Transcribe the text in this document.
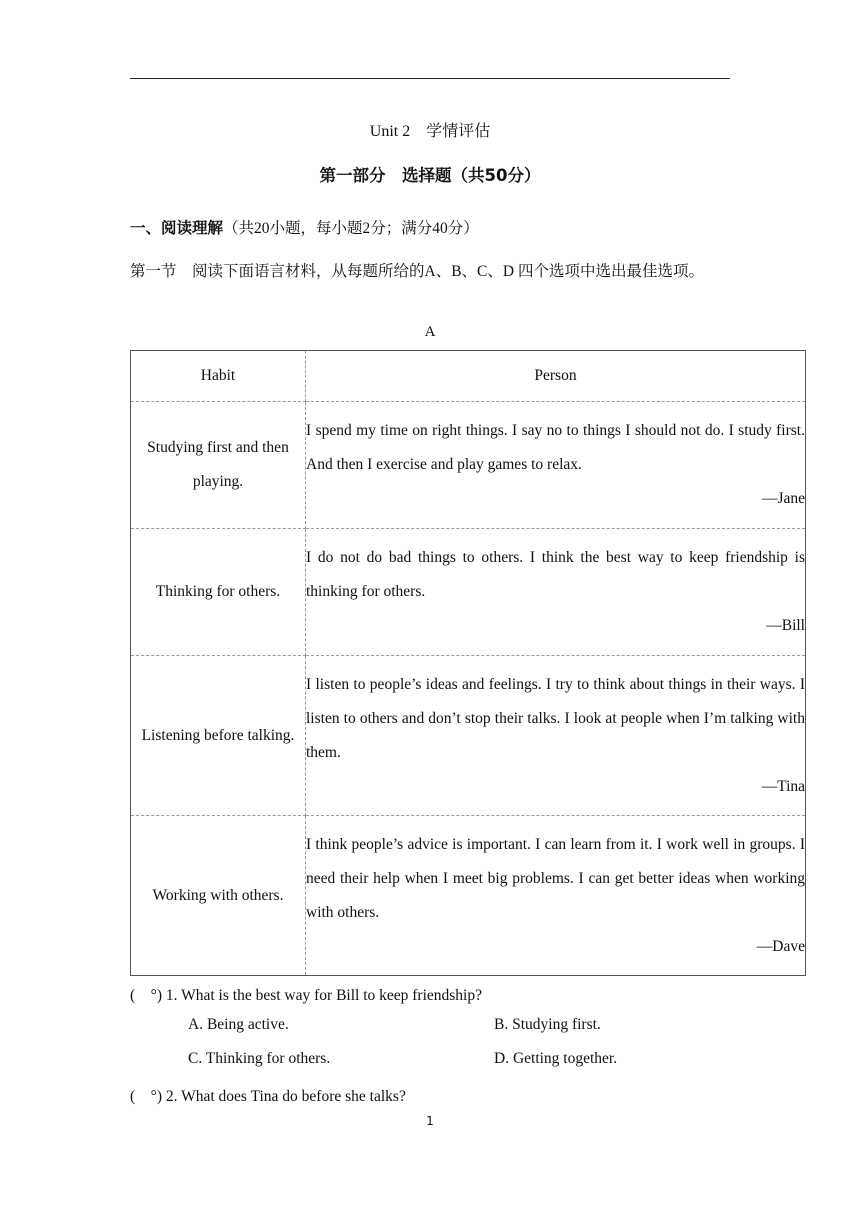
Unit 2　学情评估
第一部分　选择题（共50分）
一、阅读理解（共20小题，每小题2分；满分40分）
第一节　阅读下面语言材料，从每题所给的A、B、C、D 四个选项中选出最佳选项。
A
Habit	Person
Studying first and then playing.	I spend my time on right things. I say no to things I should not do. I study first. And then I exercise and play games to relax.
—Jane

Thinking for others.	I do not do bad things to others. I think the best way to keep friendship is thinking for others.
—Bill

Listening before talking.	I listen to people’s ideas and feelings. I try to think about things in their ways. I listen to others and don’t stop their talks. I look at people when I’m talking with them.
—Tina

Working with others.	I think people’s advice is important. I can learn from it. I work well in groups. I need their help when I meet big problems. I can get better ideas when working with others.
—Dave
(　°) 1. What is the best way for Bill to keep friendship?
A. Being active.	B. Studying first.
C. Thinking for others.	D. Getting together.
(　°) 2. What does Tina do before she talks?
1
